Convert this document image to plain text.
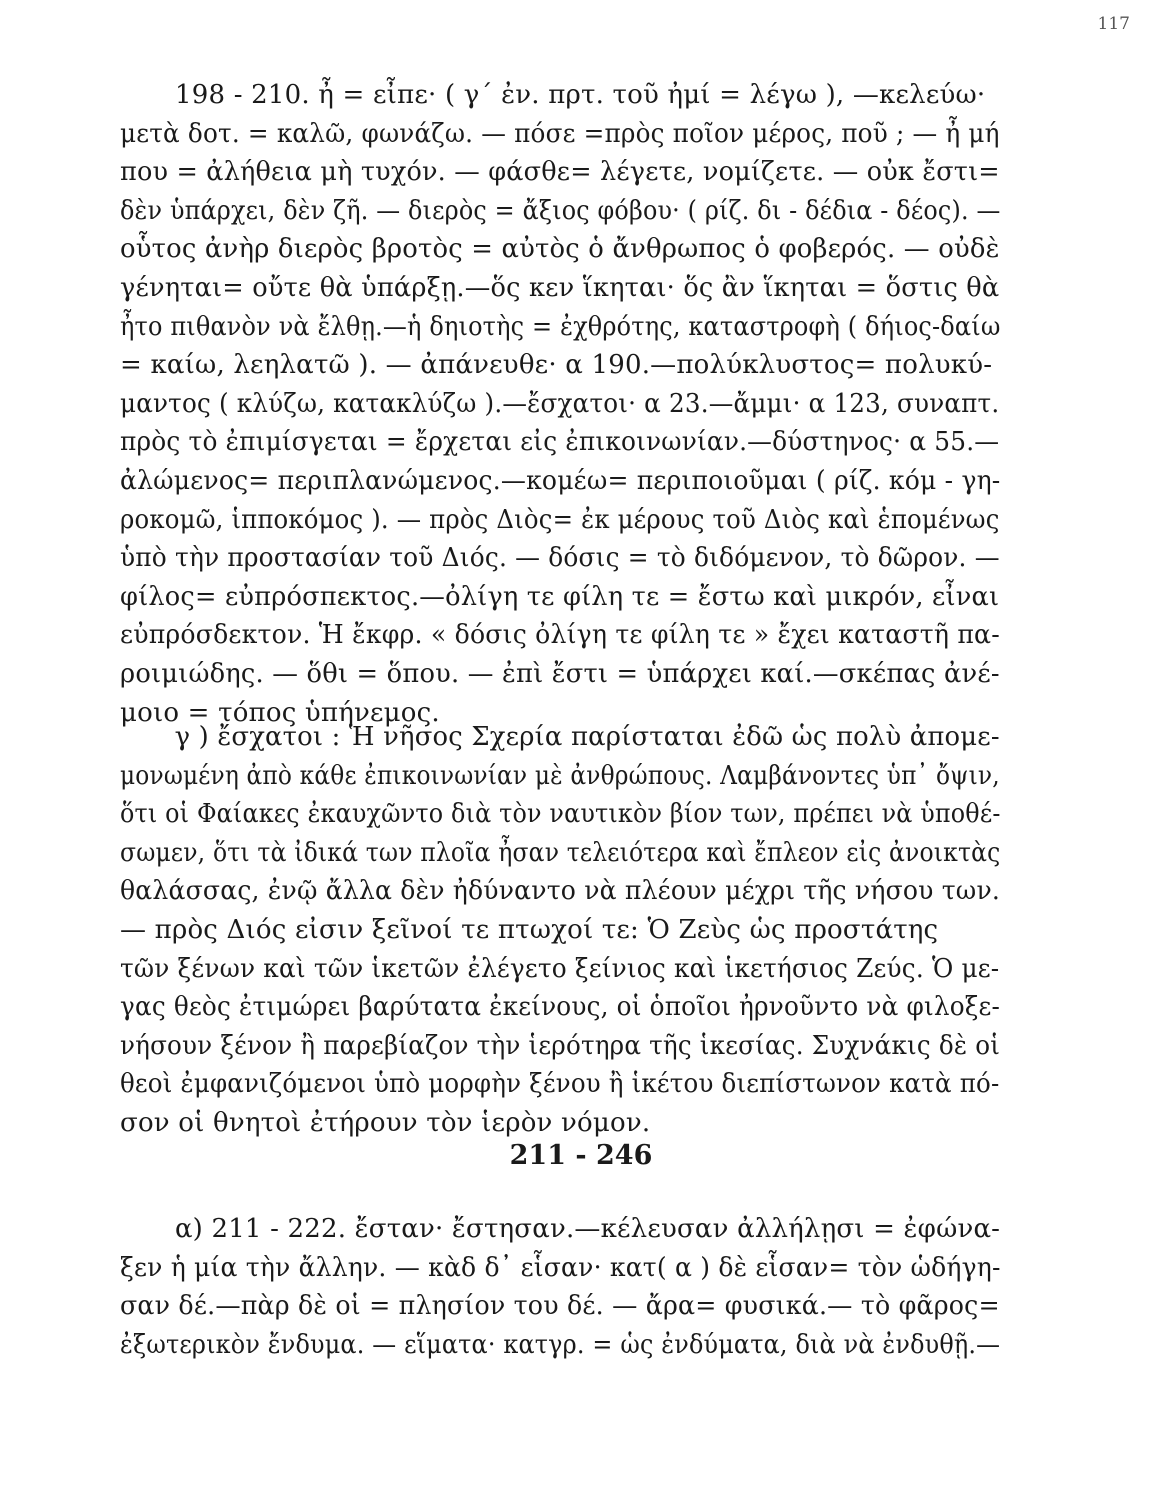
117
198 - 210. ἦ = εἶπε· ( γ΄ ἐν. πρτ. τοῦ ἠμί = λέγω ), —κελεύω·
μετὰ δοτ. = καλῶ, φωνάζω. — πόσε =πρὸς ποῖον μέρος, ποῦ ; — ἦ μή
που = ἀλήθεια μὴ τυχόν. — φάσθε= λέγετε, νομίζετε. — οὐκ ἔστι=
δὲν ὑπάρχει, δὲν ζῆ. — διερὸς = ἄξιος φόβου· ( ρίζ. δι - δέδια - δέος). —
οὗτος ἀνὴρ διερὸς βροτὸς = αὐτὸς ὁ ἄνθρωπος ὁ φοβερός. — οὐδὲ
γένηται= οὔτε θὰ ὑπάρξῃ.—ὅς κεν ἵκηται· ὅς ἂν ἵκηται = ὅστις θὰ
ἦτο πιθανὸν νὰ ἔλθῃ.—ἡ δηιοτὴς = ἐχθρότης, καταστροφὴ ( δήιος-δαίω
= καίω, λεηλατῶ ). — ἀπάνευθε· α 190.—πολύκλυστος= πολυκύ-
μαντος ( κλύζω, κατακλύζω ).—ἔσχατοι· α 23.—ἄμμι· α 123, συναπτ.
πρὸς τὸ ἐπιμίσγεται = ἔρχεται εἰς ἐπικοινωνίαν.—δύστηνος· α 55.—
ἀλώμενος= περιπλανώμενος.—κομέω= περιποιοῦμαι ( ρίζ. κόμ - γη-
ροκομῶ, ἱπποκόμος ). — πρὸς Διὸς= ἐκ μέρους τοῦ Διὸς καὶ ἑπομένως
ὑπὸ τὴν προστασίαν τοῦ Διός. — δόσις = τὸ διδόμενον, τὸ δῶρον. —
φίλος= εὐπρόσπεκτος.—ὀλίγη τε φίλη τε = ἔστω καὶ μικρόν, εἶναι
εὐπρόσδεκτον. Ἡ ἔκφρ. « δόσις ὀλίγη τε φίλη τε » ἔχει καταστῆ πα-
ροιμιώδης. — ὅθι = ὅπου. — ἐπὶ ἔστι = ὑπάρχει καί.—σκέπας ἀνέ-
μοιο = τόπος ὑπήνεμος.
γ ) ἔσχατοι : Ἡ νῆσος Σχερία παρίσταται ἐδῶ ὡς πολὺ ἀπομε-
μονωμένη ἀπὸ κάθε ἐπικοινωνίαν μὲ ἀνθρώπους. Λαμβάνοντες ὑπ᾽ ὄψιν,
ὅτι οἱ Φαίακες ἐκαυχῶντο διὰ τὸν ναυτικὸν βίον των, πρέπει νὰ ὑποθέ-
σωμεν, ὅτι τὰ ἰδικά των πλοῖα ἦσαν τελειότερα καὶ ἔπλεον εἰς ἀνοικτὰς
θαλάσσας, ἐνῷ ἄλλα δὲν ἠδύναντο νὰ πλέουν μέχρι τῆς νήσου των.
— πρὸς Διός εἰσιν ξεῖνοί τε πτωχοί τε: Ὁ Ζεὺς ὡς προστάτης
τῶν ξένων καὶ τῶν ἱκετῶν ἐλέγετο ξείνιος καὶ ἱκετήσιος Ζεύς. Ὁ με-
γας θεὸς ἐτιμώρει βαρύτατα ἐκείνους, οἱ ὁποῖοι ἠρνοῦντο νὰ φιλοξε-
νήσουν ξένον ἢ παρεβίαζον τὴν ἱερότηρα τῆς ἱκεσίας. Συχνάκις δὲ οἱ
θεοὶ ἐμφανιζόμενοι ὑπὸ μορφὴν ξένου ἢ ἱκέτου διεπίστωνον κατὰ πό-
σον οἱ θνητοὶ ἐτήρουν τὸν ἱερὸν νόμον.
211 - 246
α) 211 - 222. ἔσταν· ἔστησαν.—κέλευσαν ἀλλήλῃσι = ἐφώνα-
ξεν ἡ μία τὴν ἄλλην. — κὰδ δ᾽ εἷσαν· κατ( α ) δὲ εἷσαν= τὸν ὡδήγη-
σαν δέ.—πὰρ δὲ οἱ = πλησίον του δέ. — ἄρα= φυσικά.— τὸ φᾶρος=
ἐξωτερικὸν ἔνδυμα. — εἵματα· κατγρ. = ὡς ἐνδύματα, διὰ νὰ ἐνδυθῇ.—
